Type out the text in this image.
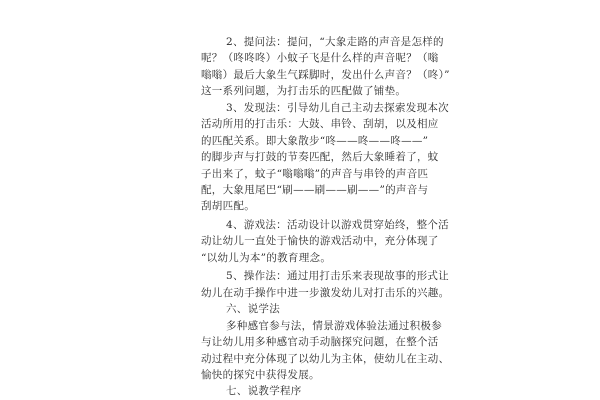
2、提问法：提问，“大象走路的声音是怎样的
呢？（咚咚咚）小蚊子飞是什么样的声音呢？（嗡
嗡嗡）最后大象生气踩脚时，发出什么声音？（咚）”
这一系列问题，为打击乐的匹配做了铺垫。
3、发现法：引导幼儿自己主动去探索发现本次
活动所用的打击乐：大鼓、串铃、刮胡，以及相应
的匹配关系。即大象散步“咚——咚——咚——”
的脚步声与打鼓的节奏匹配，然后大象睡着了，蚊
子出来了，蚊子“嗡嗡嗡”的声音与串铃的声音匹
配，大象甩尾巴“刷——刷——刷——”的声音与
刮胡匹配。
4、游戏法：活动设计以游戏贯穿始终，整个活
动让幼儿一直处于愉快的游戏活动中，充分体现了
“以幼儿为本”的教育理念。
5、操作法：通过用打击乐来表现故事的形式让
幼儿在动手操作中进一步激发幼儿对打击乐的兴趣。
六、说学法
多种感官参与法，情景游戏体验法通过积极参
与让幼儿用多种感官动手动脑探究问题，在整个活
动过程中充分体现了以幼儿为主体，使幼儿在主动、
愉快的探究中获得发展。
七、说教学程序
